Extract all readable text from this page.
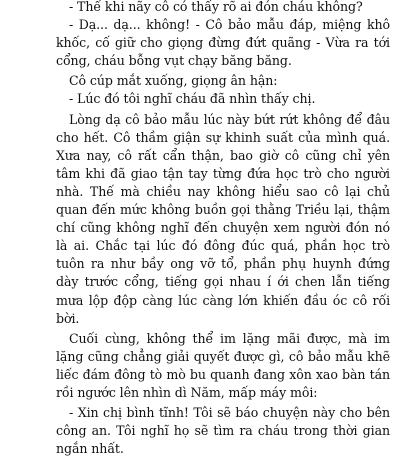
- Thế khi nãy cô có thấy rõ ai đón cháu không?

- Dạ... dạ... không! - Cô bảo mẫu đáp, miệng khô khốc, cố giữ cho giọng đừng đứt quãng - Vừa ra tới cổng, cháu bỗng vụt chạy băng băng.

Cô cúp mắt xuống, giọng ân hận:

- Lúc đó tôi nghĩ cháu đã nhìn thấy chị.

Lòng dạ cô bảo mẫu lúc này bứt rứt không để đâu cho hết. Cô thầm giận sự khinh suất của mình quá. Xưa nay, cô rất cẩn thận, bao giờ cô cũng chỉ yên tâm khi đã giao tận tay từng đứa học trò cho người nhà. Thế mà chiều nay không hiểu sao cô lại chủ quan đến mức không buồn gọi thằng Triều lại, thậm chí cũng không nghĩ đến chuyện xem người đón nó là ai. Chắc tại lúc đó đông đúc quá, phần học trò tuôn ra như bầy ong vỡ tổ, phần phụ huynh đứng dày trước cổng, tiếng gọi nhau í ới chen lẫn tiếng mưa lộp độp càng lúc càng lớn khiến đầu óc cô rối bời.

Cuối cùng, không thể im lặng mãi được, mà im lặng cũng chẳng giải quyết được gì, cô bảo mẫu khẽ liếc đám đông tò mò bu quanh đang xôn xao bàn tán rồi ngước lên nhìn dì Năm, mấp máy môi:

- Xin chị bình tĩnh! Tôi sẽ báo chuyện này cho bên công an. Tôi nghĩ họ sẽ tìm ra cháu trong thời gian ngắn nhất.
